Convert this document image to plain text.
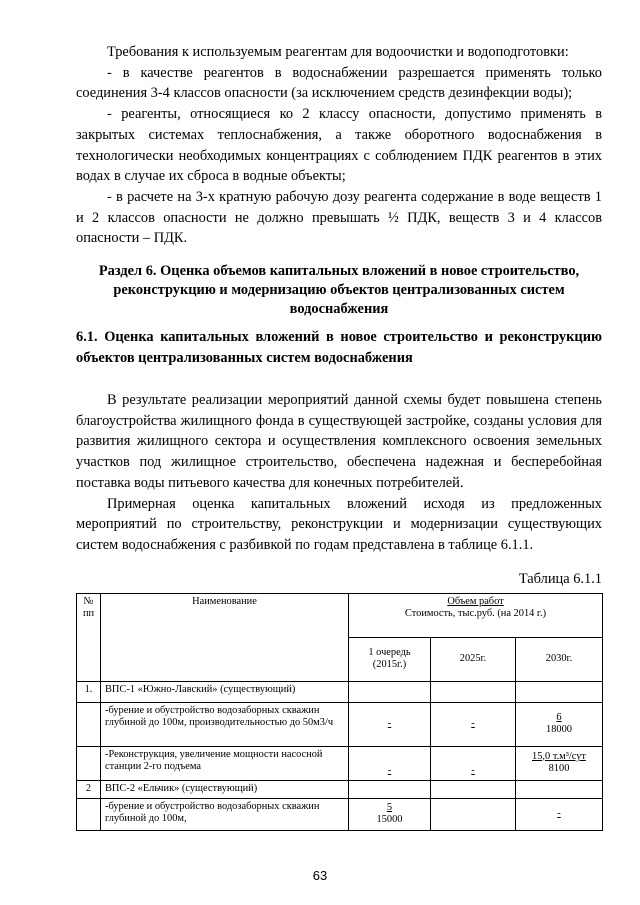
Требования к используемым реагентам для водоочистки и водоподготовки:

- в качестве реагентов в водоснабжении разрешается применять только соединения 3-4 классов опасности (за исключением средств дезинфекции воды);

- реагенты, относящиеся ко 2 классу опасности, допустимо применять в закрытых системах теплоснабжения, а также оборотного водоснабжения в технологически необходимых концентрациях с соблюдением ПДК реагентов в этих водах в случае их сброса в водные объекты;

- в расчете на 3-х кратную рабочую дозу реагента содержание в воде веществ 1 и 2 классов опасности не должно превышать ½ ПДК, веществ 3 и 4 классов опасности – ПДК.

Раздел 6. Оценка объемов капитальных вложений в новое строительство, реконструкцию и модернизацию объектов централизованных систем водоснабжения
6.1. Оценка капитальных вложений в новое строительство и реконструкцию объектов централизованных систем водоснабжения

В результате реализации мероприятий данной схемы будет повышена степень благоустройства жилищного фонда в существующей застройке, созданы условия для развития жилищного сектора и осуществления комплексного освоения земельных участков под жилищное строительство, обеспечена надежная и бесперебойная поставка воды питьевого качества для конечных потребителей.

Примерная оценка капитальных вложений исходя из предложенных мероприятий по строительству, реконструкции и модернизации существующих систем водоснабжения с разбивкой по годам представлена в таблице 6.1.1.

Таблица 6.1.1

№ пп	Наименование	Объем работ
Стоимость, тыс.руб. (на 2014 г.)		

		1 очередь (2015г.)	2025г.	2030г.
1.	ВПС-1 «Южно-Лавский» (существующий)			
	-бурение и обустройство водозаборных скважин глубиной до 100м, производительностью до 50м3/ч	-	-	6
18000

	-Реконструкция, увеличение мощности насосной станции 2-го подъема	-	-	15,0 т.м³/сут
8100

2	ВПС-2 «Ельчик» (существующий)			
	-бурение и обустройство водозаборных скважин глубиной до 100м,	5
15000		-
63
